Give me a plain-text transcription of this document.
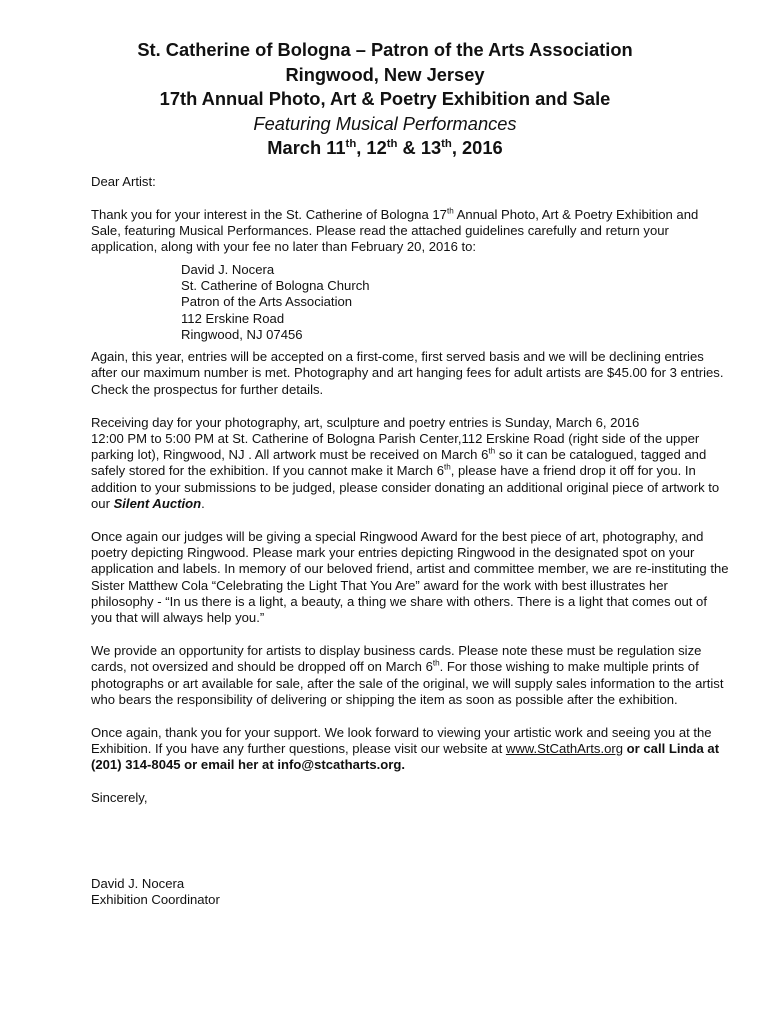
St. Catherine of Bologna – Patron of the Arts Association
Ringwood, New Jersey
17th Annual Photo, Art & Poetry Exhibition and Sale
Featuring Musical Performances
March 11th, 12th & 13th, 2016

Dear Artist:

Thank you for your interest in the St. Catherine of Bologna 17th Annual Photo, Art & Poetry Exhibition and Sale, featuring Musical Performances. Please read the attached guidelines carefully and return your application, along with your fee no later than February 20, 2016 to:

David J. Nocera
St. Catherine of Bologna Church
Patron of the Arts Association
112 Erskine Road
Ringwood, NJ 07456

Again, this year, entries will be accepted on a first-come, first served basis and we will be declining entries after our maximum number is met. Photography and art hanging fees for adult artists are $45.00 for 3 entries. Check the prospectus for further details.

Receiving day for your photography, art, sculpture and poetry entries is Sunday, March 6, 2016
12:00 PM to 5:00 PM at St. Catherine of Bologna Parish Center,112 Erskine Road (right side of the upper parking lot), Ringwood, NJ . All artwork must be received on March 6th so it can be catalogued, tagged and safely stored for the exhibition. If you cannot make it March 6th, please have a friend drop it off for you. In addition to your submissions to be judged, please consider donating an additional original piece of artwork to our Silent Auction.

Once again our judges will be giving a special Ringwood Award for the best piece of art, photography, and poetry depicting Ringwood. Please mark your entries depicting Ringwood in the designated spot on your application and labels. In memory of our beloved friend, artist and committee member, we are re-instituting the Sister Matthew Cola “Celebrating the Light That You Are” award for the work with best illustrates her philosophy - “In us there is a light, a beauty, a thing we share with others. There is a light that comes out of you that will always help you.”

We provide an opportunity for artists to display business cards. Please note these must be regulation size cards, not oversized and should be dropped off on March 6th. For those wishing to make multiple prints of photographs or art available for sale, after the sale of the original, we will supply sales information to the artist who bears the responsibility of delivering or shipping the item as soon as possible after the exhibition.

Once again, thank you for your support. We look forward to viewing your artistic work and seeing you at the Exhibition. If you have any further questions, please visit our website at www.StCathArts.org or call Linda at (201) 314-8045 or email her at info@stcatharts.org.

Sincerely,

David J. Nocera
Exhibition Coordinator
